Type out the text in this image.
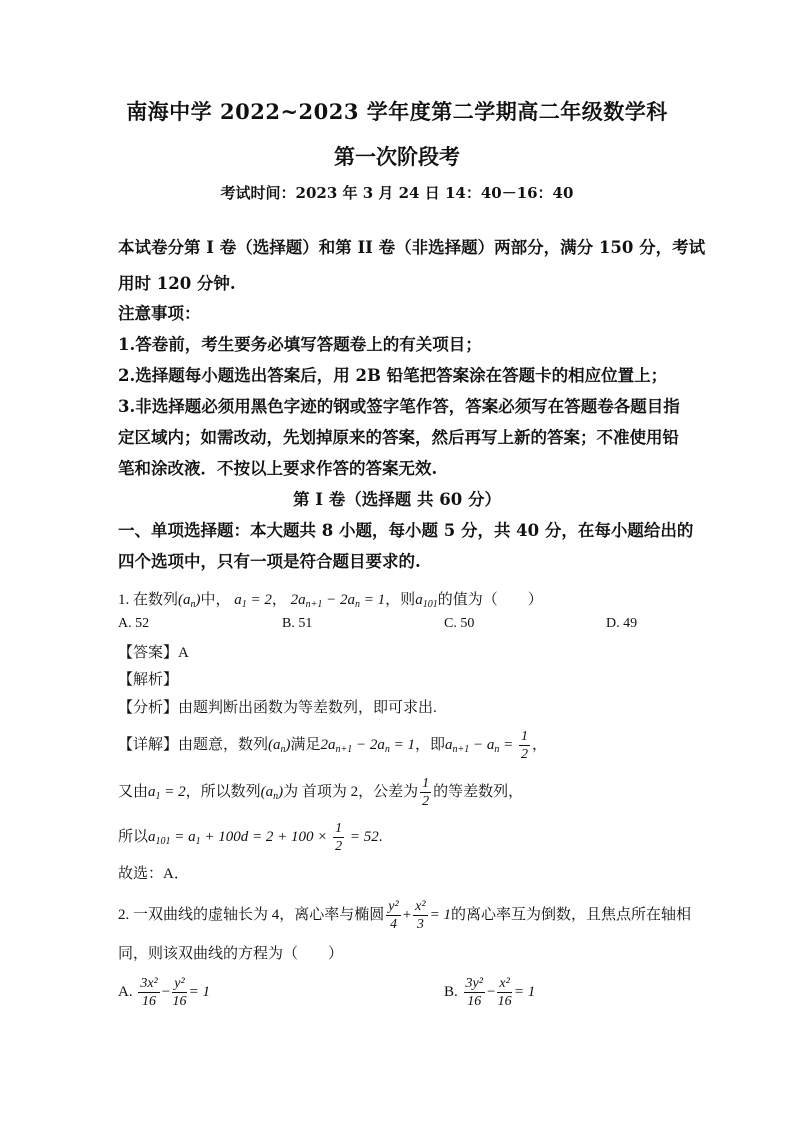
南海中学 2022~2023 学年度第二学期高二年级数学科
第一次阶段考
考试时间：2023 年 3 月 24 日 14：40－16：40
本试卷分第 I 卷（选择题）和第 II 卷（非选择题）两部分，满分 150 分，考试
用时 120 分钟.
注意事项：
1.答卷前，考生要务必填写答题卷上的有关项目；
2.选择题每小题选出答案后，用 2B 铅笔把答案涂在答题卡的相应位置上；
3.非选择题必须用黑色字迹的钢或签字笔作答，答案必须写在答题卷各题目指
定区域内；如需改动，先划掉原来的答案，然后再写上新的答案；不准使用铅
笔和涂改液．不按以上要求作答的答案无效.
第 I 卷（选择题 共 60 分）
一、单项选择题：本大题共 8 小题，每小题 5 分，共 40 分，在每小题给出的
四个选项中，只有一项是符合题目要求的.
1. 在数列$(a_n)$中， $a_1 = 2$， $2a_{n+1} - 2a_n = 1$，则$a_{101}$的值为（　　）
A. 52	B. 51	C. 50	D. 49
【答案】A
【解析】
【分析】由题判断出函数为等差数列，即可求出.
【详解】由题意，数列$(a_n)$满足$2a_{n+1} - 2a_n = 1$，即$a_{n+1} - a_n = \frac{1}{2}$ ，
又由$a_1 = 2$，所以数列$(a_n)$为 首项为 2，公差为 $\frac{1}{2}$ 的等差数列，
所以$a_{101} = a_1 + 100d = 2 + 100 \times \frac{1}{2} = 52$.
故选：A．
2. 一双曲线的虚轴长为 4，离心率与椭圆 $\frac{\text{y²}}{4} + \frac{\text{x²}}{3} = 1$的离心率互为倒数，且焦点所在轴相
同，则该双曲线的方程为（　　）
A. $\frac{\text{3x²}}{16} - \frac{\text{y²}}{16} = 1$	B. $\frac{\text{3y²}}{16} - \frac{\text{x²}}{16} = 1$
